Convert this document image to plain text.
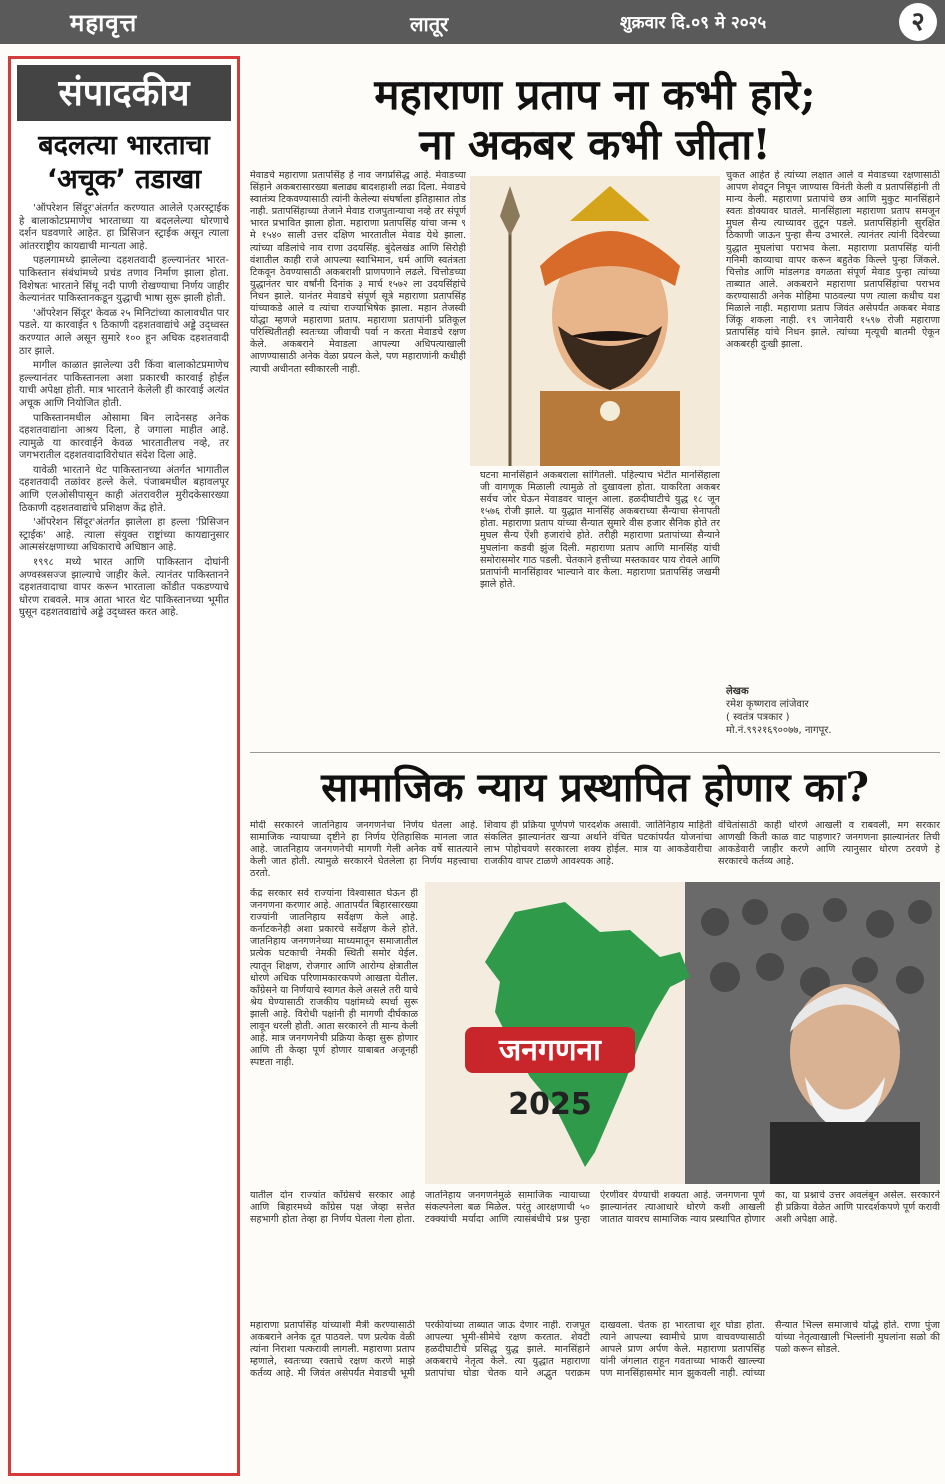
महावृत्त	लातूर	शुक्रवार दि.०९ मे २०२५	२
संपादकीय
बदलत्या भारताचा ‘अचूक’ तडाखा

'ऑपरेशन सिंदूर'अंतर्गत करण्यात आलेले एअरस्ट्राईक हे बालाकोटप्रमाणेच भारताच्या या बदललेल्या धोरणाचे दर्शन घडवणारे आहेत. हा प्रिसिजन स्ट्राईक असून त्याला आंतरराष्ट्रीय कायद्याची मान्यता आहे.

पहलगामध्ये झालेल्या दहशतवादी हल्ल्यानंतर भारत-पाकिस्तान संबंधांमध्ये प्रचंड तणाव निर्माण झाला होता. विशेषतः भारताने सिंधू नदी पाणी रोखण्याचा निर्णय जाहीर केल्यानंतर पाकिस्तानकडून युद्धाची भाषा सुरू झाली होती.

'ऑपरेशन सिंदूर' केवळ २५ मिनिटांच्या कालावधीत पार पडले. या कारवाईत ९ ठिकाणी दहशतवाद्यांचे अड्डे उद्ध्वस्त करण्यात आले असून सुमारे १०० हून अधिक दहशतवादी ठार झाले.

मागील काळात झालेल्या उरी किंवा बालाकोटप्रमाणेच हल्ल्यानंतर पाकिस्तानला अशा प्रकारची कारवाई होईल याची अपेक्षा होती. मात्र भारताने केलेली ही कारवाई अत्यंत अचूक आणि नियोजित होती.

पाकिस्तानमधील ओसामा बिन लादेनसह अनेक दहशतवाद्यांना आश्रय दिला, हे जगाला माहीत आहे. त्यामुळे या कारवाईने केवळ भारतातीलच नव्हे, तर जगभरातील दहशतवादाविरोधात संदेश दिला आहे.

यावेळी भारताने थेट पाकिस्तानच्या अंतर्गत भागातील दहशतवादी तळांवर हल्ले केले. पंजाबमधील बहावलपूर आणि एलओसीपासून काही अंतरावरील मुरीदकेसारख्या ठिकाणी दहशतवाद्यांचे प्रशिक्षण केंद्र होते.

'ऑपरेशन सिंदूर'अंतर्गत झालेला हा हल्ला 'प्रिसिजन स्ट्राईक' आहे. त्याला संयुक्त राष्ट्रांच्या कायद्यानुसार आत्मसंरक्षणाच्या अधिकाराचे अधिष्ठान आहे.

१९९८ मध्ये भारत आणि पाकिस्तान दोघांनी अण्वस्त्रसज्ज झाल्याचे जाहीर केले. त्यानंतर पाकिस्तानने दहशतवादाचा वापर करून भारताला कोंडीत पकडण्याचे धोरण राबवले. मात्र आता भारत थेट पाकिस्तानच्या भूमीत घुसून दहशतवाद्यांचे अड्डे उद्ध्वस्त करत आहे.

महाराणा प्रताप ना कभी हारे;
ना अकबर कभी जीता!

मेवाडचे महाराणा प्रतापसिंह हे नाव जगप्रसिद्ध आहे. मेवाडच्या सिंहाने अकबरासारख्या बलाढ्य बादशहाशी लढा दिला. मेवाडचे स्वातंत्र्य टिकवण्यासाठी त्यांनी केलेल्या संघर्षाला इतिहासात तोड नाही. प्रतापसिंहाच्या तेजाने मेवाड राजपुतान्याचा नव्हे तर संपूर्ण भारत प्रभावित झाला होता. महाराणा प्रतापसिंह यांचा जन्म ९ मे १५४० साली उत्तर दक्षिण भारतातील मेवाड येथे झाला. त्यांच्या वडिलांचे नाव राणा उदयसिंह. बुंदेलखंड आणि सिरोही वंशातील काही राजे आपल्या स्वाभिमान, धर्म आणि स्वतंत्रता टिकवून ठेवण्यासाठी अकबराशी प्राणपणाने लढले. चित्तोडच्या युद्धानंतर चार वर्षांनी दिनांक ३ मार्च १५७२ ला उदयसिंहांचे निधन झाले. यानंतर मेवाडचे संपूर्ण सूत्रे महाराणा प्रतापसिंह यांच्याकडे आले व त्यांचा राज्याभिषेक झाला. महान तेजस्वी योद्धा म्हणजे महाराणा प्रताप. महाराणा प्रतापांनी प्रतिकूल परिस्थितीतही स्वतःच्या जीवाची पर्वा न करता मेवाडचे रक्षण केले. अकबराने मेवाडला आपल्या अधिपत्याखाली आणण्यासाठी अनेक वेळा प्रयत्न केले, पण महाराणांनी कधीही त्याची अधीनता स्वीकारली नाही.

घटना मानसिंहाने अकबराला सांगितली. पहिल्याच भेटीत मानसिंहाला जी वागणूक मिळाली त्यामुळे तो दुखावला होता. याकरिता अकबर सर्वच जोर घेऊन मेवाडवर चालून आला. हळदीघाटीचे युद्ध १८ जून १५७६ रोजी झाले. या युद्धात मानसिंह अकबराच्या सैन्याचा सेनापती होता. महाराणा प्रताप यांच्या सैन्यात सुमारे वीस हजार सैनिक होते तर मुघल सैन्य ऐंशी हजारांचे होते. तरीही महाराणा प्रतापांच्या सैन्याने मुघलांना कडवी झुंज दिली. महाराणा प्रताप आणि मानसिंह यांची समोरासमोर गाठ पडली. चेतकाने हत्तीच्या मस्तकावर पाय रोवले आणि प्रतापांनी मानसिंहावर भाल्याने वार केला. महाराणा प्रतापसिंह जखमी झाले होते.

चुकत आहेत हे त्यांच्या लक्षात आले व मेवाडच्या रक्षणासाठी आपण शेवटून निघून जाण्यास विनंती केली व प्रतापसिंहांनी ती मान्य केली. महाराणा प्रतापांचे छत्र आणि मुकुट मानसिंहाने स्वतः डोक्यावर घातले. मानसिंहाला महाराणा प्रताप समजून मुघल सैन्य त्याच्यावर तुटून पडले. प्रतापसिंहांनी सुरक्षित ठिकाणी जाऊन पुन्हा सैन्य उभारले. त्यानंतर त्यांनी दिवेरच्या युद्धात मुघलांचा पराभव केला. महाराणा प्रतापसिंह यांनी गनिमी काव्याचा वापर करून बहुतेक किल्ले पुन्हा जिंकले. चित्तोड आणि मांडलगड वगळता संपूर्ण मेवाड पुन्हा त्यांच्या ताब्यात आले. अकबराने महाराणा प्रतापसिंहांचा पराभव करण्यासाठी अनेक मोहिमा पाठवल्या पण त्याला कधीच यश मिळाले नाही. महाराणा प्रताप जिवंत असेपर्यंत अकबर मेवाड जिंकू शकला नाही. १९ जानेवारी १५९७ रोजी महाराणा प्रतापसिंह यांचे निधन झाले. त्यांच्या मृत्यूची बातमी ऐकून अकबरही दुःखी झाला.

लेखक
रमेश कृष्णराव लांजेवार
( स्वतंत्र पत्रकार )
मो.नं.९९२१६९००७७, नागपूर.
सामाजिक न्याय प्रस्थापित होणार का?

मोदी सरकारने जातनिहाय जनगणनेचा निर्णय घेतला आहे. सामाजिक न्यायाच्या दृष्टीने हा निर्णय ऐतिहासिक मानला जात आहे. जातनिहाय जनगणनेची मागणी गेली अनेक वर्षे सातत्याने केली जात होती. त्यामुळे सरकारने घेतलेला हा निर्णय महत्त्वाचा ठरतो.

शिवाय ही प्रक्रिया पूर्णपणे पारदर्शक असावी. जातिनिहाय माहिती संकलित झाल्यानंतर खऱ्या अर्थाने वंचित घटकांपर्यंत योजनांचा लाभ पोहोचवणे सरकारला शक्य होईल. मात्र या आकडेवारीचा राजकीय वापर टाळणे आवश्यक आहे.

वंचितांसाठी काही धोरणे आखली व राबवली, मग सरकार आणखी किती काळ वाट पाहणार? जनगणना झाल्यानंतर तिची आकडेवारी जाहीर करणे आणि त्यानुसार धोरण ठरवणे हे सरकारचे कर्तव्य आहे.

केंद्र सरकार सर्व राज्यांना विश्वासात घेऊन ही जनगणना करणार आहे. आतापर्यंत बिहारसारख्या राज्यांनी जातनिहाय सर्वेक्षण केले आहे. कर्नाटकनेही अशा प्रकारचे सर्वेक्षण केले होते. जातनिहाय जनगणनेच्या माध्यमातून समाजातील प्रत्येक घटकाची नेमकी स्थिती समोर येईल. त्यातून शिक्षण, रोजगार आणि आरोग्य क्षेत्रातील धोरणे अधिक परिणामकारकपणे आखता येतील. काँग्रेसने या निर्णयाचे स्वागत केले असले तरी याचे श्रेय घेण्यासाठी राजकीय पक्षांमध्ये स्पर्धा सुरू झाली आहे. विरोधी पक्षांनी ही मागणी दीर्घकाळ लावून धरली होती. आता सरकारने ती मान्य केली आहे. मात्र जनगणनेची प्रक्रिया केव्हा सुरू होणार आणि ती केव्हा पूर्ण होणार याबाबत अजूनही स्पष्टता नाही.	जनगणना
2025

यातील दोन राज्यांत काँग्रेसचे सरकार आहे आणि बिहारमध्ये काँग्रेस पक्ष जेव्हा सत्तेत सहभागी होता तेव्हा हा निर्णय घेतला गेला होता. जातनिहाय जनगणनेमुळे सामाजिक न्यायाच्या संकल्पनेला बळ मिळेल. परंतु आरक्षणाची ५० टक्क्यांची मर्यादा आणि त्यासंबंधीचे प्रश्न पुन्हा ऐरणीवर येण्याची शक्यता आहे. जनगणना पूर्ण झाल्यानंतर त्याआधारे धोरणे कशी आखली जातात यावरच सामाजिक न्याय प्रस्थापित होणार का, या प्रश्नाचे उत्तर अवलंबून असेल. सरकारने ही प्रक्रिया वेळेत आणि पारदर्शकपणे पूर्ण करावी अशी अपेक्षा आहे.

महाराणा प्रतापसिंह यांच्याशी मैत्री करण्यासाठी अकबराने अनेक दूत पाठवले. पण प्रत्येक वेळी त्यांना निराशा पत्करावी लागली. महाराणा प्रताप म्हणाले, स्वतःच्या रक्ताचे रक्षण करणे माझे कर्तव्य आहे. मी जिवंत असेपर्यंत मेवाडची भूमी परकीयांच्या ताब्यात जाऊ देणार नाही. राजपूत आपल्या भूमी-सीमेचे रक्षण करतात. शेवटी हळदीघाटीचे प्रसिद्ध युद्ध झाले. मानसिंहाने अकबराचे नेतृत्व केले. त्या युद्धात महाराणा प्रतापांचा घोडा चेतक याने अद्भुत पराक्रम दाखवला. चेतक हा भारताचा शूर घोडा होता. त्याने आपल्या स्वामीचे प्राण वाचवण्यासाठी आपले प्राण अर्पण केले. महाराणा प्रतापसिंह यांनी जंगलात राहून गवताच्या भाकरी खाल्ल्या पण मानसिंहासमोर मान झुकवली नाही. त्यांच्या सैन्यात भिल्ल समाजाचे योद्धे होते. राणा पुंजा यांच्या नेतृत्वाखाली भिल्लांनी मुघलांना सळो की पळो करून सोडले.
